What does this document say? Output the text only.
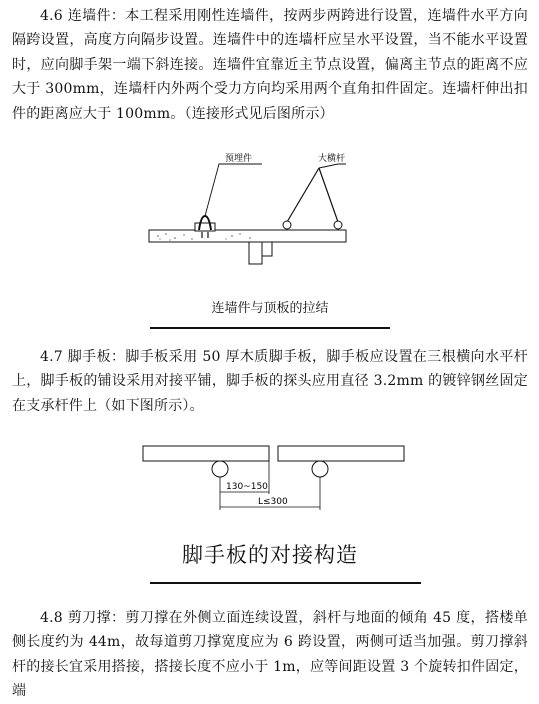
4.6 连墙件：本工程采用刚性连墙件，按两步两跨进行设置，连墙件水平方向隔跨设置，高度方向隔步设置。连墙件中的连墙杆应呈水平设置，当不能水平设置时，应向脚手架一端下斜连接。连墙件宜靠近主节点设置，偏离主节点的距离不应大于 300mm，连墙杆内外两个受力方向均采用两个直角扣件固定。连墙杆伸出扣件的距离应大于 100mm。（连接形式见后图所示）

预埋件	大横杆

连墙件与顶板的拉结

4.7 脚手板：脚手板采用 50 厚木质脚手板，脚手板应设置在三根横向水平杆上，脚手板的铺设采用对接平铺，脚手板的探头应用直径 3.2mm 的镀锌钢丝固定在支承杆件上（如下图所示）。

130~150
L≤300

脚手板的对接构造

4.8 剪刀撑：剪刀撑在外侧立面连续设置，斜杆与地面的倾角 45 度，搭楼单侧长度约为 44m，故每道剪刀撑宽度应为 6 跨设置，两侧可适当加强。剪刀撑斜杆的接长宜采用搭接，搭接长度不应小于 1m，应等间距设置 3 个旋转扣件固定，端
